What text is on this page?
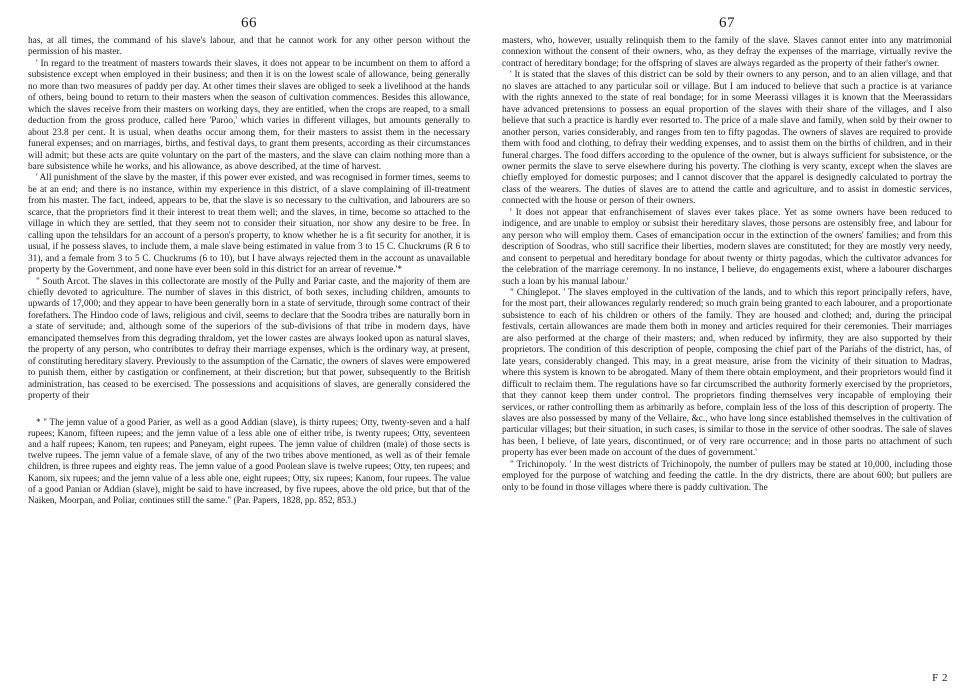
66

has, at all times, the command of his slave's labour, and that he cannot work for any other person without the permission of his master.

' In regard to the treatment of masters towards their slaves, it does not appear to be incumbent on them to afford a subsistence except when employed in their business; and then it is on the lowest scale of allowance, being generally no more than two measures of paddy per day. At other times their slaves are obliged to seek a livelihood at the hands of others, being bound to return to their masters when the season of cultivation commences. Besides this allowance, which the slaves receive from their masters on working days, they are entitled, when the crops are reaped, to a small deduction from the gross produce, called here 'Paroo,' which varies in different villages, but amounts generally to about 23.8 per cent. It is usual, when deaths occur among them, for their masters to assist them in the necessary funeral expenses; and on marriages, births, and festival days, to grant them presents, according as their circumstances will admit; but these acts are quite voluntary on the part of the masters, and the slave can claim nothing more than a bare subsistence while he works, and his allowance, as above described, at the time of harvest.

' All punishment of the slave by the master, if this power ever existed, and was recognised in former times, seems to be at an end; and there is no instance, within my experience in this district, of a slave complaining of ill-treatment from his master. The fact, indeed, appears to be, that the slave is so necessary to the cultivation, and labourers are so scarce, that the proprietors find it their interest to treat them well; and the slaves, in time, become so attached to the village in which they are settled, that they seem not to consider their situation, nor show any desire to be free. In calling upon the tehsildars for an account of a person's property, to know whether he is a fit security for another, it is usual, if he possess slaves, to include them, a male slave being estimated in value from 3 to 15 C. Chuckrums (R 6 to 31), and a female from 3 to 5 C. Chuckrums (6 to 10), but I have always rejected them in the account as unavailable property by the Government, and none have ever been sold in this district for an arrear of revenue.'*

" South Arcot. The slaves in this collectorate are mostly of the Pully and Pariar caste, and the majority of them are chiefly devoted to agriculture. The number of slaves in this district, of both sexes, including children, amounts to upwards of 17,000; and they appear to have been generally born in a state of servitude, through some contract of their forefathers. The Hindoo code of laws, religious and civil, seems to declare that the Soodra tribes are naturally born in a state of servitude; and, although some of the superiors of the sub-divisions of that tribe in modern days, have emancipated themselves from this degrading thraldom, yet the lower castes are always looked upon as natural slaves, the property of any person, who contributes to defray their marriage expenses, which is the ordinary way, at present, of constituting hereditary slavery. Previously to the assumption of the Carnatic, the owners of slaves were empowered to punish them, either by castigation or confinement, at their discretion; but that power, subsequently to the British administration, has ceased to be exercised. The possessions and acquisitions of slaves, are generally considered the property of their

* " The jemn value of a good Parier, as well as a good Addian (slave), is thirty rupees; Otty, twenty-seven and a half rupees; Kanom, fifteen rupees; and the jemn value of a less able one of either tribe, is twenty rupees; Otty, seventeen and a half rupees; Kanom, ten rupees; and Paneyam, eight rupees. The jemn value of children (male) of those sects is twelve rupees. The jemn value of a female slave, of any of the two tribes above mentioned, as well as of their female children, is three rupees and eighty reas. The jemn value of a good Poolean slave is twelve rupees; Otty, ten rupees; and Kanom, six rupees; and the jemn value of a less able one, eight rupees; Otty, six rupees; Kanom, four rupees. The value of a good Panian or Addian (slave), might be said to have increased, by five rupees, above the old price, but that of the Naiken, Moorpan, and Poliar, continues still the same." (Par. Papers, 1828, pp. 852, 853.)

67

masters, who, however, usually relinquish them to the family of the slave. Slaves cannot enter into any matrimonial connexion without the consent of their owners, who, as they defray the expenses of the marriage, virtually revive the contract of hereditary bondage; for the offspring of slaves are always regarded as the property of their father's owner.

' It is stated that the slaves of this district can be sold by their owners to any person, and to an alien village, and that no slaves are attached to any particular soil or village. But I am induced to believe that such a practice is at variance with the rights annexed to the state of real bondage; for in some Meerassi villages it is known that the Meerassidars have advanced pretensions to possess an equal proportion of the slaves with their share of the villages, and I also believe that such a practice is hardly ever resorted to. The price of a male slave and family, when sold by their owner to another person, varies considerably, and ranges from ten to fifty pagodas. The owners of slaves are required to provide them with food and clothing, to defray their wedding expenses, and to assist them on the births of children, and in their funeral charges. The food differs according to the opulence of the owner, but is always sufficient for subsistence, or the owner permits the slave to serve elsewhere during his poverty. The clothing is very scanty, except when the slaves are chiefly employed for domestic purposes; and I cannot discover that the apparel is designedly calculated to portray the class of the wearers. The duties of slaves are to attend the cattle and agriculture, and to assist in domestic services, connected with the house or person of their owners.

' It does not appear that enfranchisement of slaves ever takes place. Yet as some owners have been reduced to indigence, and are unable to employ or subsist their hereditary slaves, those persons are ostensibly free, and labour for any person who will employ them. Cases of emancipation occur in the extinction of the owners' families; and from this description of Soodras, who still sacrifice their liberties, modern slaves are constituted; for they are mostly very needy, and consent to perpetual and hereditary bondage for about twenty or thirty pagodas, which the cultivator advances for the celebration of the marriage ceremony. In no instance, I believe, do engagements exist, where a labourer discharges such a loan by his manual labour.'

" Chinglepot. ' The slaves employed in the cultivation of the lands, and to which this report principally refers, have, for the most part, their allowances regularly rendered; so much grain being granted to each labourer, and a proportionate subsistence to each of his children or others of the family. They are housed and clothed; and, during the principal festivals, certain allowances are made them both in money and articles required for their ceremonies. Their marriages are also performed at the charge of their masters; and, when reduced by infirmity, they are also supported by their proprietors. The condition of this description of people, composing the chief part of the Pariahs of the district, has, of late years, considerably changed. This may, in a great measure, arise from the vicinity of their situation to Madras, where this system is known to be abrogated. Many of them there obtain employment, and their proprietors would find it difficult to reclaim them. The regulations have so far circumscribed the authority formerly exercised by the proprietors, that they cannot keep them under control. The proprietors finding themselves very incapable of employing their services, or rather controlling them as arbitrarily as before, complain less of the loss of this description of property. The slaves are also possessed by many of the Vellaire, &c., who have long since established themselves in the cultivation of particular villages; but their situation, in such cases, is similar to those in the service of other soodras. The sale of slaves has been, I believe, of late years, discontinued, or of very rare occurrence; and in those parts no attachment of such property has ever been made on account of the dues of government.'

" Trichinopoly. ' In the west districts of Trichinopoly, the number of pullers may be stated at 10,000, including those employed for the purpose of watching and feeding the cattle. In the dry districts, there are about 600; but pullers are only to be found in those villages where there is paddy cultivation. The

F 2
